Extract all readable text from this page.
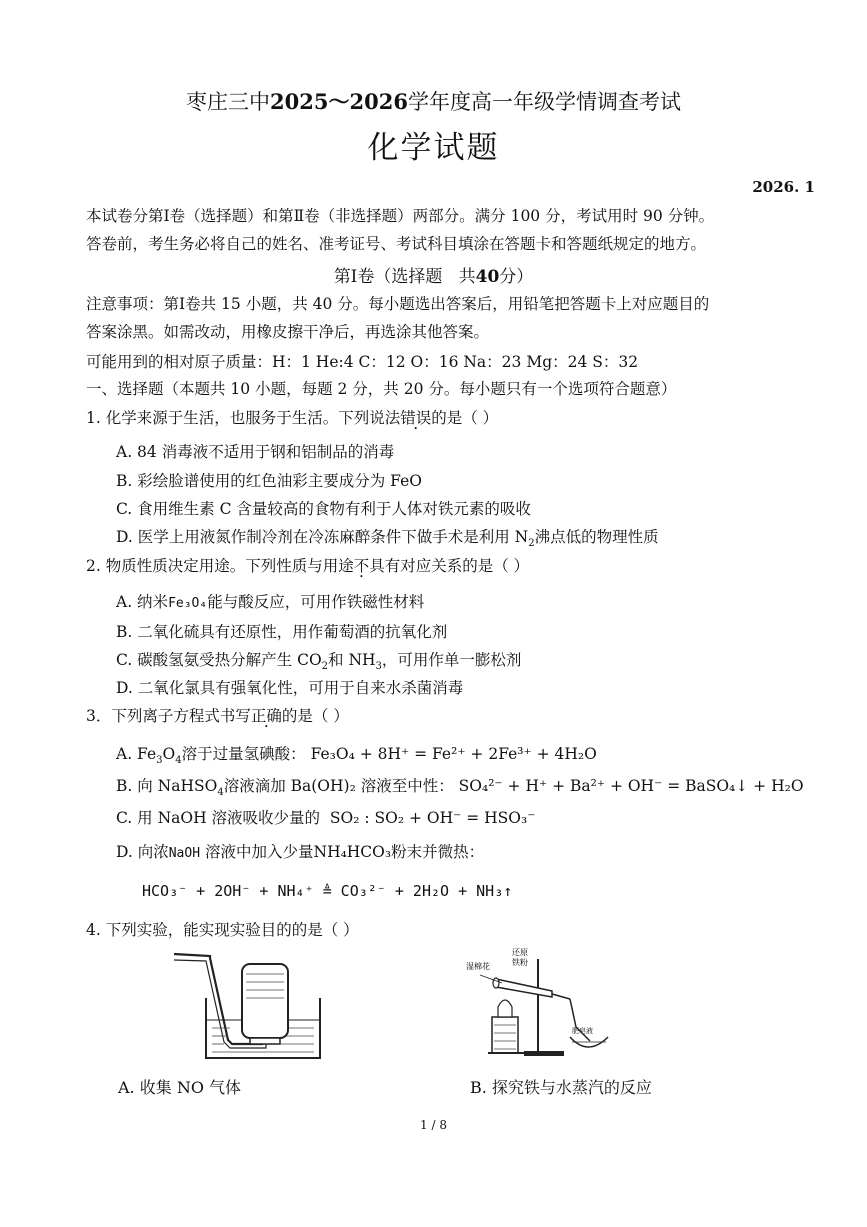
枣庄三中2025～2026学年度高一年级学情调查考试
化学试题
2026. 1
本试卷分第Ⅰ卷（选择题）和第Ⅱ卷（非选择题）两部分。满分 100 分，考试用时 90 分钟。
答卷前，考生务必将自己的姓名、准考证号、考试科目填涂在答题卡和答题纸规定的地方。
第Ⅰ卷（选择题 共40分）
注意事项：第Ⅰ卷共 15 小题，共 40 分。每小题选出答案后，用铅笔把答题卡上对应题目的
答案涂黑。如需改动，用橡皮擦干净后，再选涂其他答案。
可能用到的相对原子质量：H：1 He:4 C：12 O：16 Na：23 Mg：24 S：32
一、选择题（本题共 10 小题，每题 2 分，共 20 分。每小题只有一个选项符合题意）
1. 化学来源于生活，也服务于生活。下列说法错误的是（ ）
A. 84 消毒液不适用于钢和铝制品的消毒
B. 彩绘脸谱使用的红色油彩主要成分为 FeO
C. 食用维生素 C 含量较高的食物有利于人体对铁元素的吸收
D. 医学上用液氮作制冷剂在冷冻麻醉条件下做手术是利用 $N_2$沸点低的物理性质
2. 物质性质决定用途。下列性质与用途不具有对应关系的是（ ）
A. 纳米Fe₃O₄能与酸反应，可用作铁磁性材料
B. 二氧化硫具有还原性，用作葡萄酒的抗氧化剂
C. 碳酸氢氨受热分解产生 $CO_2$和 $NH_3$，可用作单一膨松剂
D. 二氧化氯具有强氧化性，可用于自来水杀菌消毒
3．下列离子方程式书写正确的是（ ）
A. $Fe_3O_4$溶于过量氢碘酸： Fe₃O₄ + 8H⁺ = Fe²⁺ + 2Fe³⁺ + 4H₂O
B. 向 NaHSO$_4$溶液滴加 Ba(OH)₂ 溶液至中性： SO₄²⁻ + H⁺ + Ba²⁺ + OH⁻ = BaSO₄↓ + H₂O
C. 用 NaOH 溶液吸收少量的 SO₂ : SO₂ + OH⁻ = HSO₃⁻
D. 向浓NaOH 溶液中加入少量NH₄HCO₃粉末并微热：
HCO₃⁻ + 2OH⁻ + NH₄⁺ ≜ CO₃²⁻ + 2H₂O + NH₃↑
4. 下列实验，能实现实验目的的是（ ）
A. 收集 NO 气体
还原
铁粉
湿棉花
肥皂液
B. 探究铁与水蒸汽的反应
1 / 8
